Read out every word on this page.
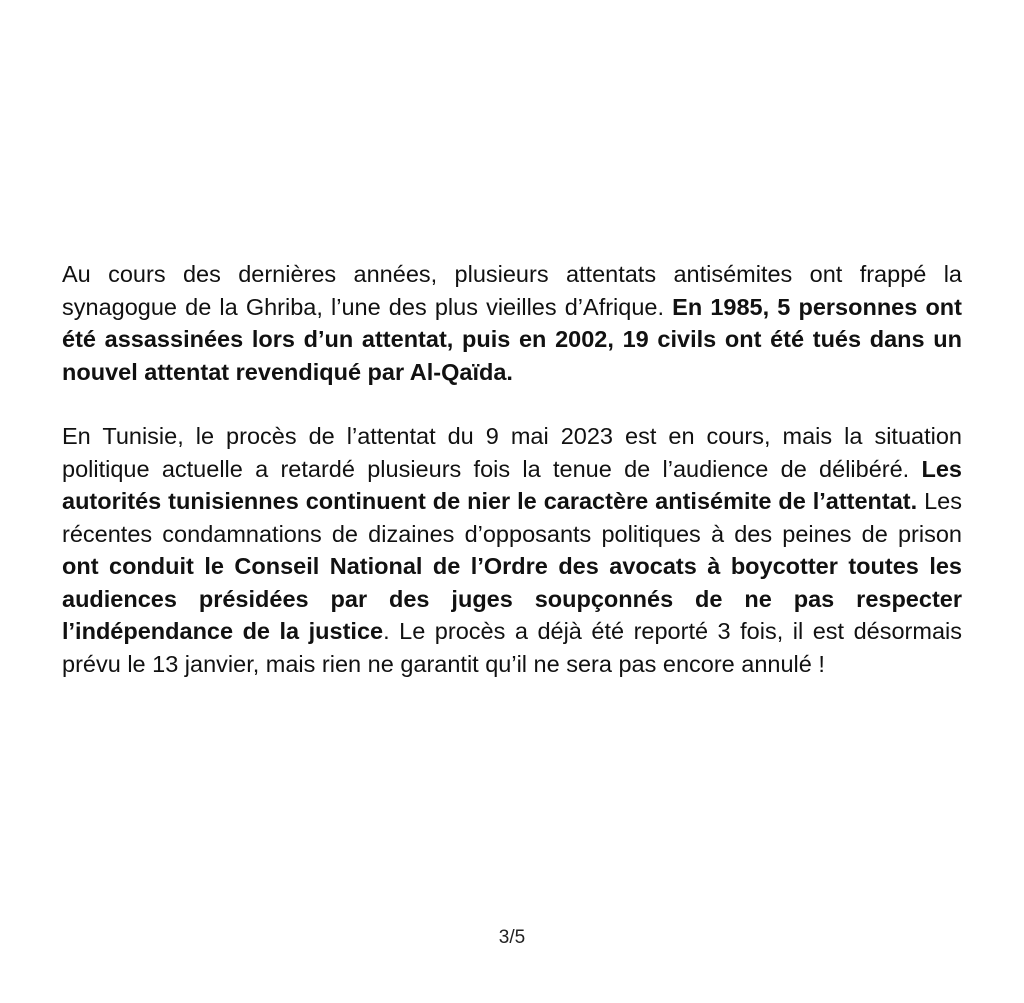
Au cours des dernières années, plusieurs attentats antisémites ont frappé la synagogue de la Ghriba, l’une des plus vieilles d’Afrique. En 1985, 5 personnes ont été assassinées lors d’un attentat, puis en 2002, 19 civils ont été tués dans un nouvel attentat revendiqué par Al-Qaïda.

En Tunisie, le procès de l’attentat du 9 mai 2023 est en cours, mais la situation politique actuelle a retardé plusieurs fois la tenue de l’audience de délibéré. Les autorités tunisiennes continuent de nier le caractère antisémite de l’attentat. Les récentes condamnations de dizaines d’opposants politiques à des peines de prison ont conduit le Conseil National de l’Ordre des avocats à boycotter toutes les audiences présidées par des juges soupçonnés de ne pas respecter l’indépendance de la justice. Le procès a déjà été reporté 3 fois, il est désormais prévu le 13 janvier, mais rien ne garantit qu’il ne sera pas encore annulé !

3/5
